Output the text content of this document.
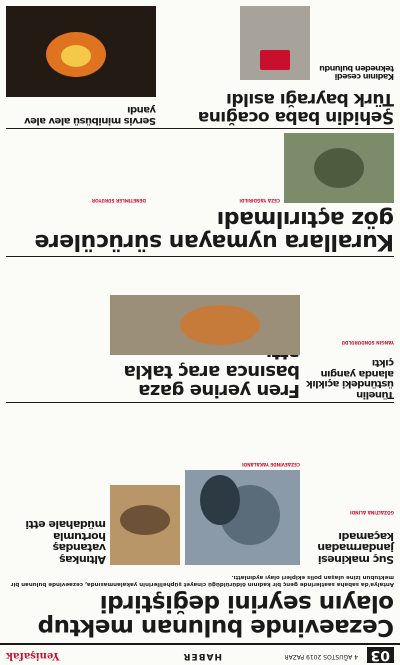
03
4 AĞUSTOS 2019 PAZAR
HABER
Yenişafak
Cezaevinde bulunan mektup olayın seyrini değiştirdi
Antalya'da sabaha saatlerinde genç bir kadının öldürüldüğü cinayet şüphelilerinin yakalanmasında, cezaevinde bulunan bir mektubun izine ulaşan polis ekipleri olayı aydınlattı.
Suç makinesi jandarmadan kaçamadı
GÖZALTINA ALINDI
CEZAEVİNDE YAKALANDI
Altınkaş vatandaş hortumla müdahale etti
Fren yerine gaza basınca araç takla
Tünelin üstündeki açıklık alanda yangın çıktı
YANGIN SÖNDÜRÜLDÜ
Kurallara uymayan sürücülere göz açtırılmadı
CEZA YAĞDIRILDI
DENETİMLER SÜRÜYOR
Şehidin baba ocağına Türk bayrağı asıldı
Kadının cesedi tekneden bulundu
Servis minibüsü alev alev yandı
